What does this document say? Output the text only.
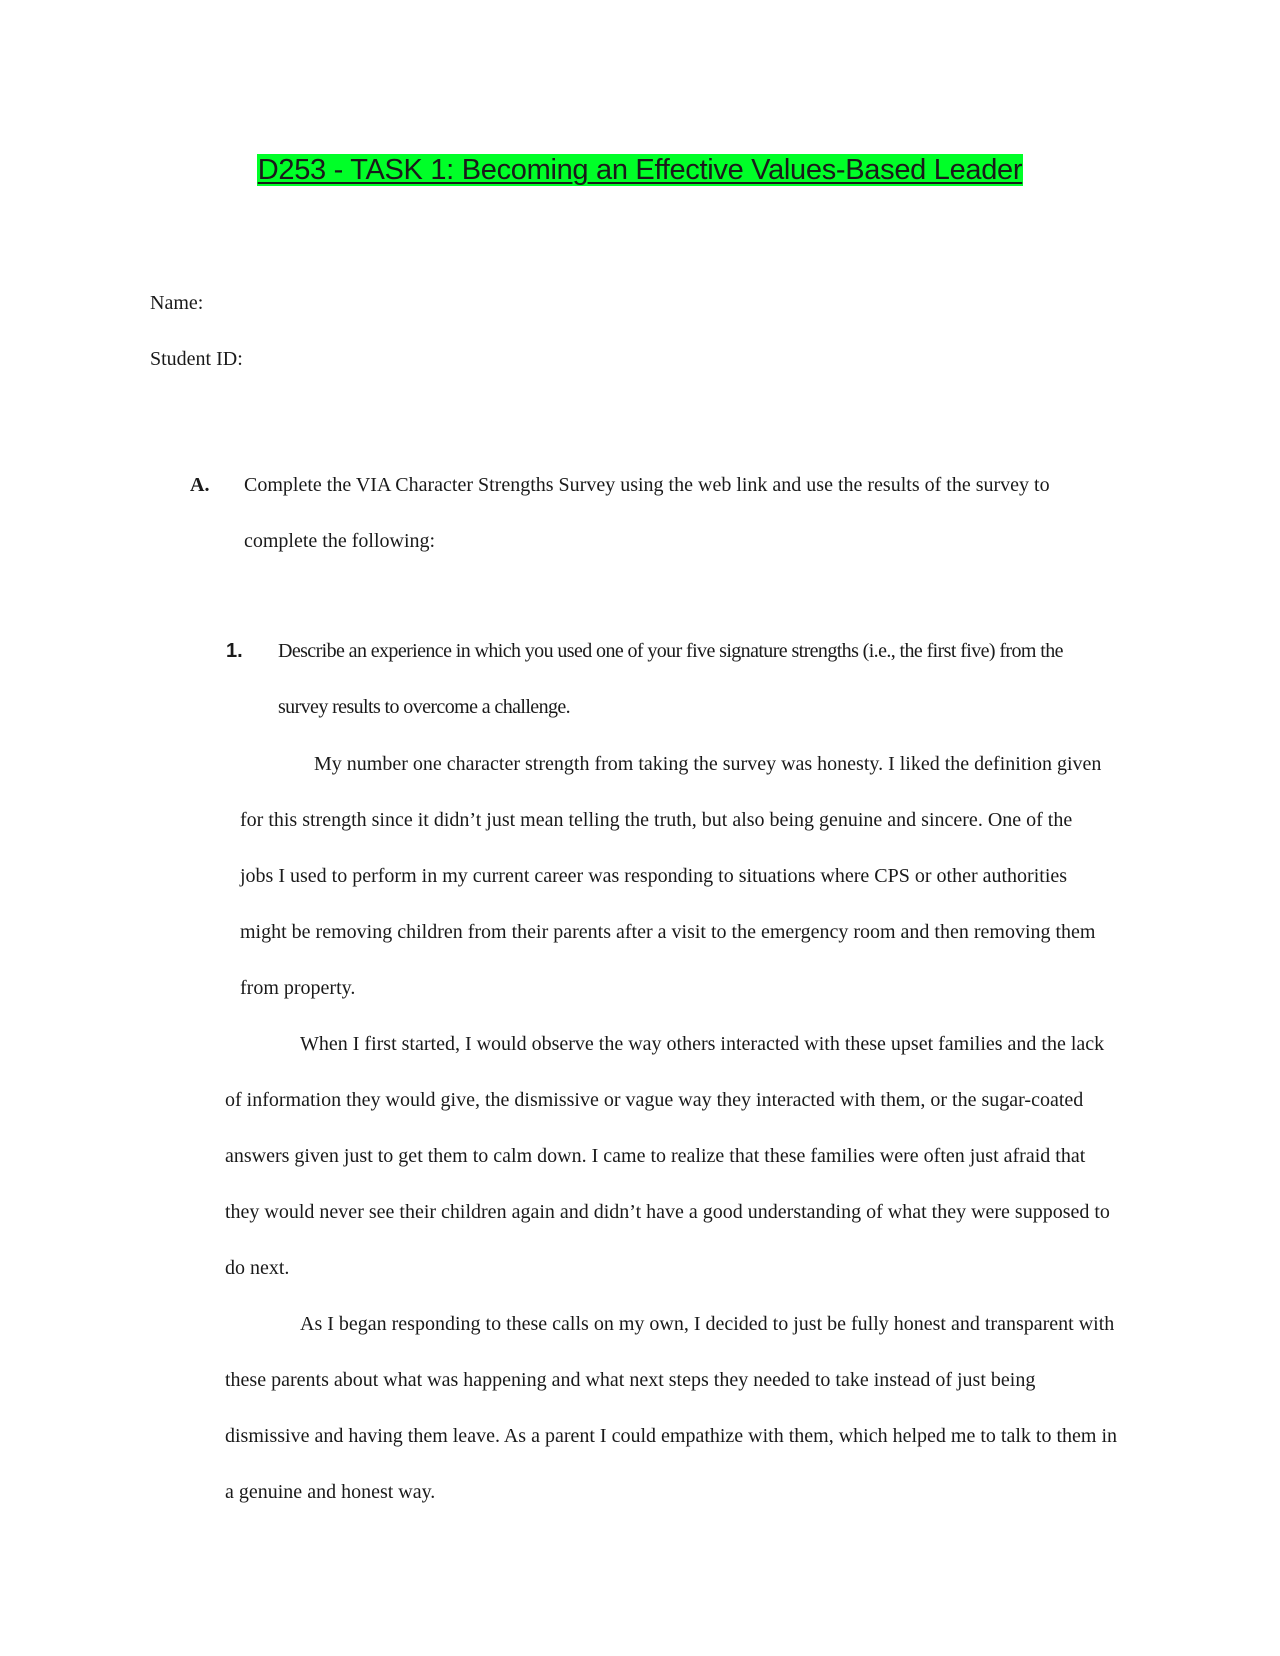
D253 - TASK 1: Becoming an Effective Values-Based Leader
Name:
Student ID:
A. Complete the VIA Character Strengths Survey using the web link and use the results of the survey to complete the following:
1. Describe an experience in which you used one of your five signature strengths (i.e., the first five) from the survey results to overcome a challenge.

My number one character strength from taking the survey was honesty. I liked the definition given for this strength since it didn’t just mean telling the truth, but also being genuine and sincere. One of the jobs I used to perform in my current career was responding to situations where CPS or other authorities might be removing children from their parents after a visit to the emergency room and then removing them from property.

When I first started, I would observe the way others interacted with these upset families and the lack of information they would give, the dismissive or vague way they interacted with them, or the sugar-coated answers given just to get them to calm down. I came to realize that these families were often just afraid that they would never see their children again and didn’t have a good understanding of what they were supposed to do next.

As I began responding to these calls on my own, I decided to just be fully honest and transparent with these parents about what was happening and what next steps they needed to take instead of just being dismissive and having them leave. As a parent I could empathize with them, which helped me to talk to them in a genuine and honest way.
